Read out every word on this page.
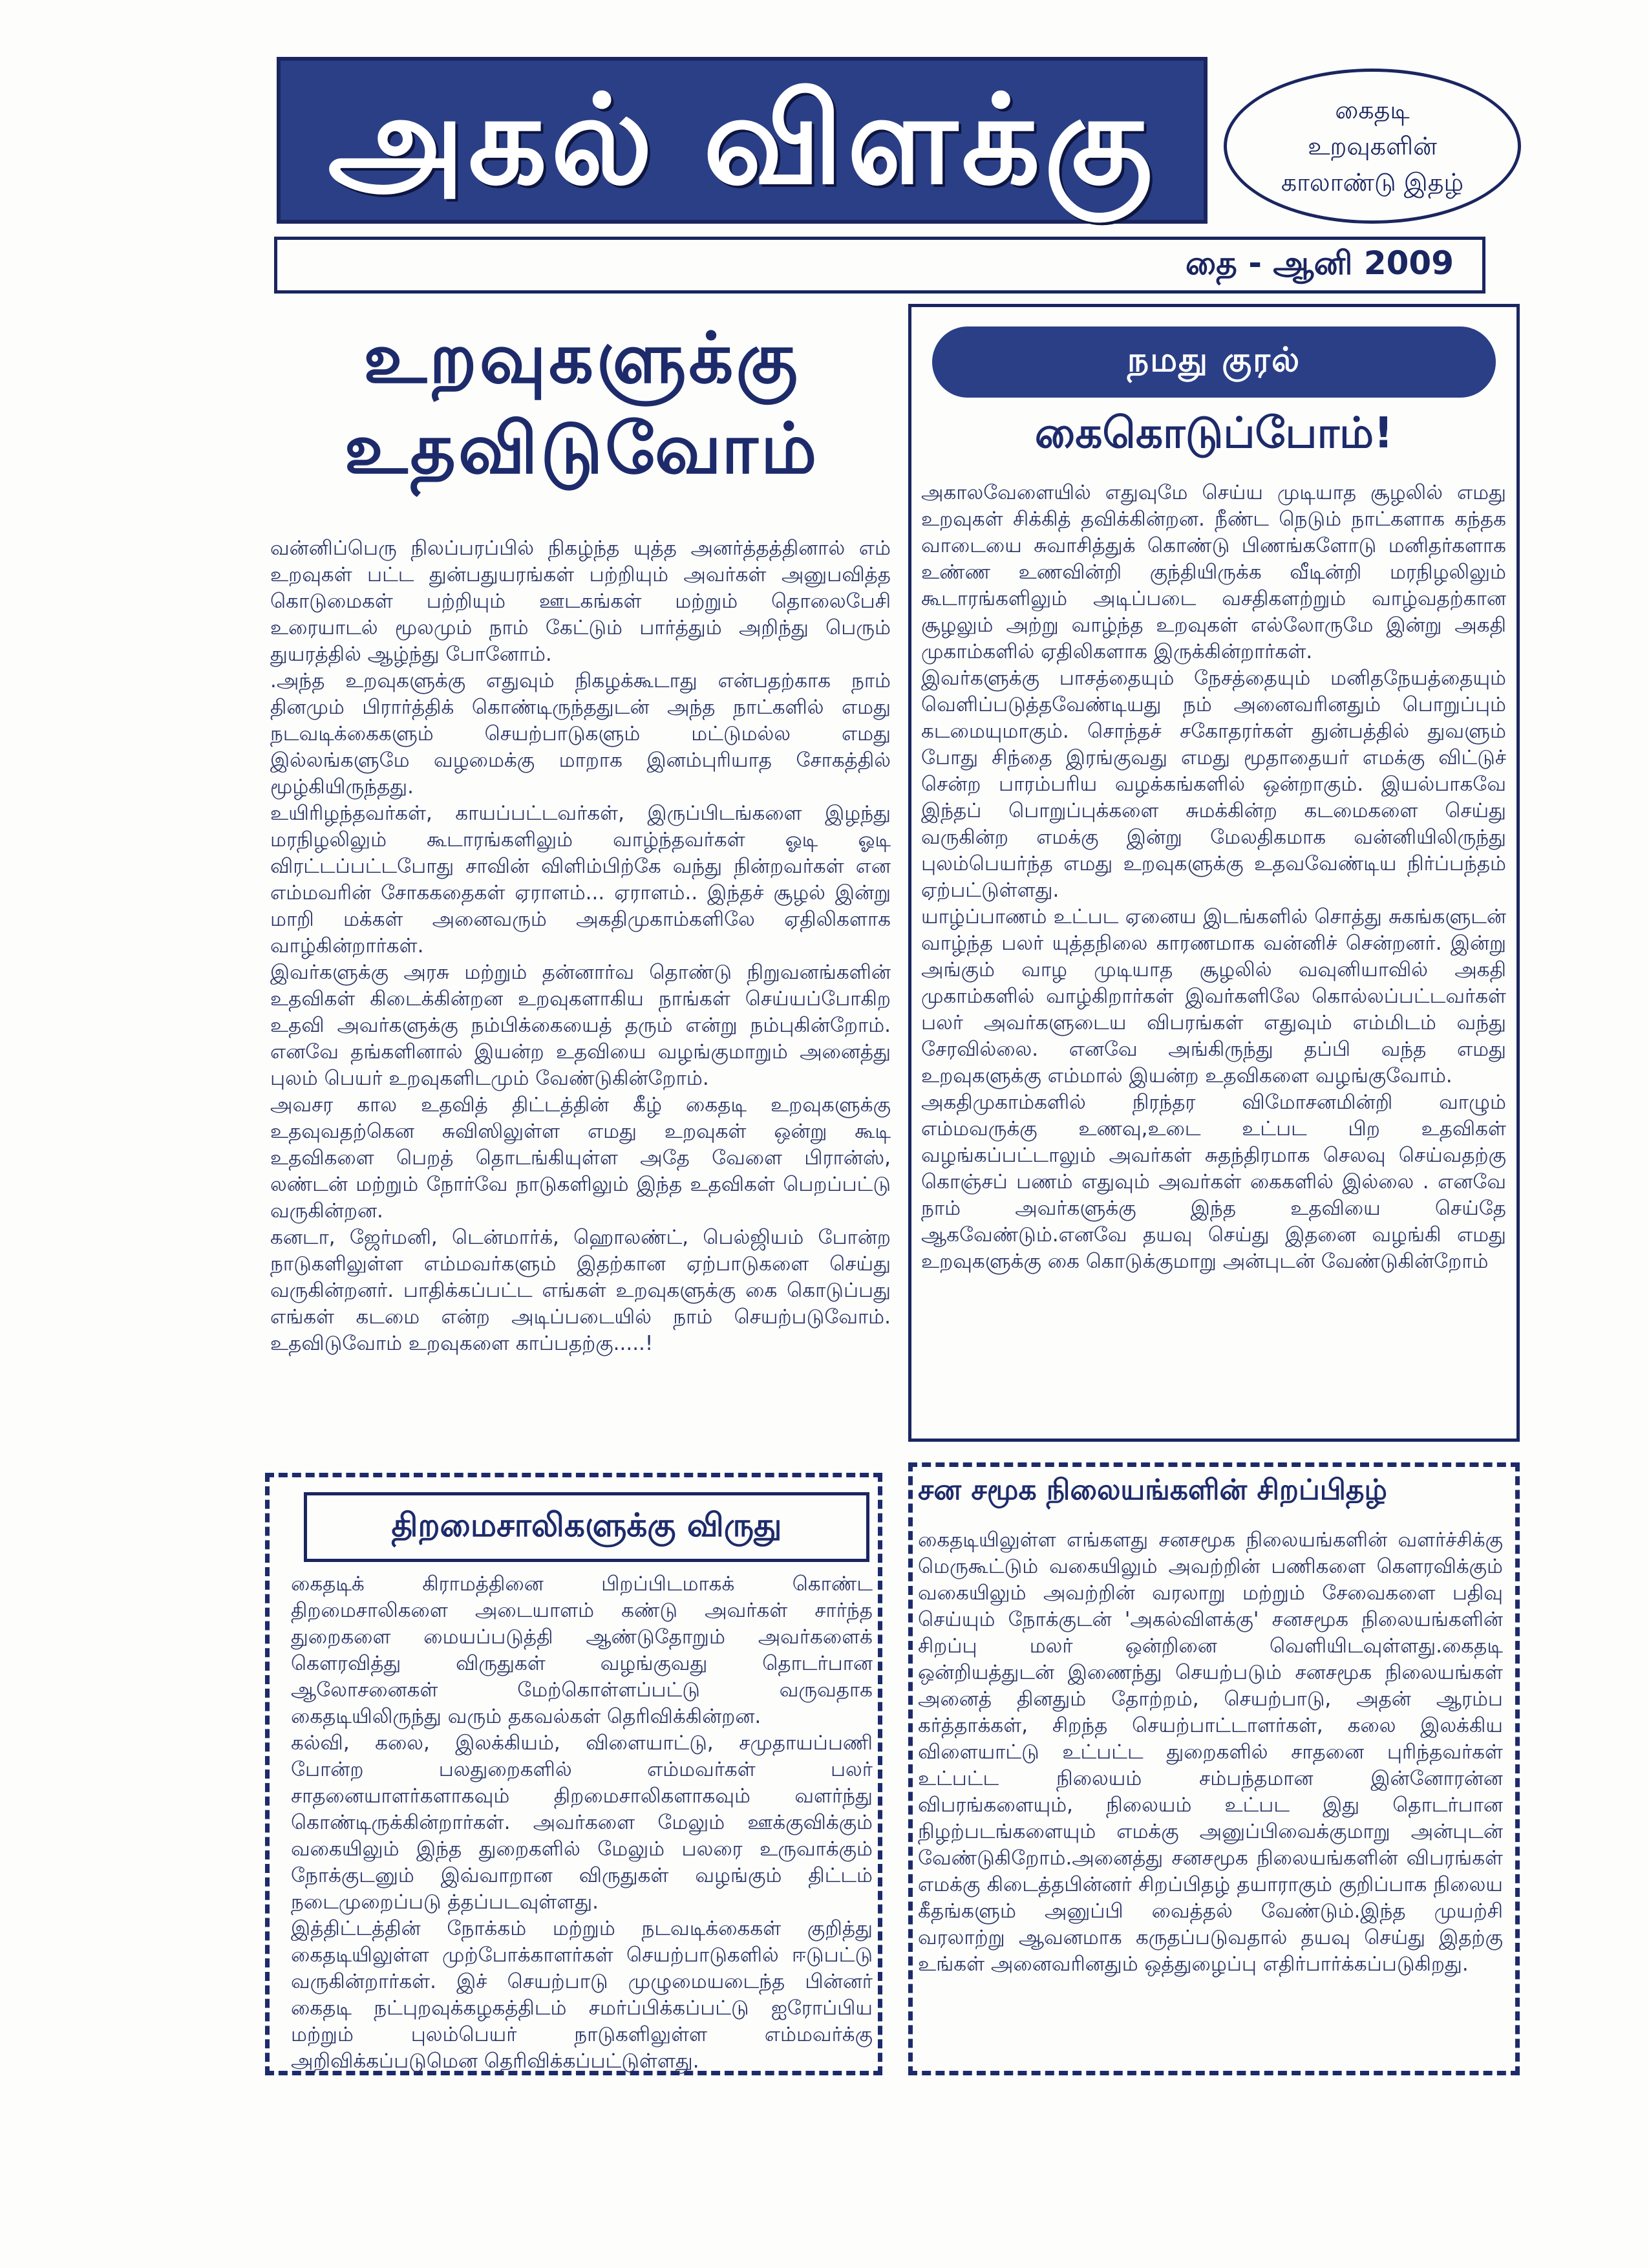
அகல் விளக்கு	கைதடி
உறவுகளின்
காலாண்டு இதழ்
தை - ஆனி 2009
உறவுகளுக்கு
உதவிடுவோம்

வன்னிப்பெரு நிலப்பரப்பில் நிகழ்ந்த யுத்த அனர்த்தத்தினால் எம் உறவுகள் பட்ட துன்பதுயரங்கள் பற்றியும் அவர்கள் அனுபவித்த கொடுமைகள் பற்றியும் ஊடகங்கள் மற்றும் தொலைபேசி உரையாடல் மூலமும் நாம் கேட்டும் பார்த்தும் அறிந்து பெரும் துயரத்தில் ஆழ்ந்து போனோம்.

.அந்த உறவுகளுக்கு எதுவும் நிகழக்கூடாது என்பதற்காக நாம் தினமும் பிரார்த்திக் கொண்டிருந்ததுடன் அந்த நாட்களில் எமது நடவடிக்கைகளும் செயற்பாடுகளும் மட்டுமல்ல எமது இல்லங்களுமே வழமைக்கு மாறாக இனம்புரியாத சோகத்தில் மூழ்கியிருந்தது.

உயிரிழந்தவர்கள், காயப்பட்டவர்கள், இருப்பிடங்களை இழந்து மரநிழலிலும் கூடாரங்களிலும் வாழ்ந்தவர்கள் ஓடி ஓடி விரட்டப்பட்டபோது சாவின் விளிம்பிற்கே வந்து நின்றவர்கள் என எம்மவரின் சோககதைகள் ஏராளம்... ஏராளம்.. இந்தச் சூழல் இன்று மாறி மக்கள் அனைவரும் அகதிமுகாம்களிலே ஏதிலிகளாக வாழ்கின்றார்கள்.

இவர்களுக்கு அரசு மற்றும் தன்னார்வ தொண்டு நிறுவனங்களின் உதவிகள் கிடைக்கின்றன உறவுகளாகிய நாங்கள் செய்யப்போகிற உதவி அவர்களுக்கு நம்பிக்கையைத் தரும் என்று நம்புகின்றோம். எனவே தங்களினால் இயன்ற உதவியை வழங்குமாறும் அனைத்து புலம் பெயர் உறவுகளிடமும் வேண்டுகின்றோம்.

அவசர கால உதவித் திட்டத்தின் கீழ் கைதடி உறவுகளுக்கு உதவுவதற்கென சுவிஸிலுள்ள எமது உறவுகள் ஒன்று கூடி உதவிகளை பெறத் தொடங்கியுள்ள அதே வேளை பிரான்ஸ், லண்டன் மற்றும் நோர்வே நாடுகளிலும் இந்த உதவிகள் பெறப்பட்டு வருகின்றன.

கனடா, ஜேர்மனி, டென்மார்க், ஹொலண்ட், பெல்ஜியம் போன்ற நாடுகளிலுள்ள எம்மவர்களும் இதற்கான ஏற்பாடுகளை செய்து வருகின்றனர். பாதிக்கப்பட்ட எங்கள் உறவுகளுக்கு கை கொடுப்பது எங்கள் கடமை என்ற அடிப்படையில் நாம் செயற்படுவோம். உதவிடுவோம் உறவுகளை காப்பதற்கு.....!

நமது குரல்
கைகொடுப்போம்!

அகாலவேளையில் எதுவுமே செய்ய முடியாத சூழலில் எமது உறவுகள் சிக்கித் தவிக்கின்றன. நீண்ட நெடும் நாட்களாக கந்தக வாடையை சுவாசித்துக் கொண்டு பிணங்களோடு மனிதர்களாக உண்ண உணவின்றி குந்தியிருக்க வீடின்றி மரநிழலிலும் கூடாரங்களிலும் அடிப்படை வசதிகளற்றும் வாழ்வதற்கான சூழலும் அற்று வாழ்ந்த உறவுகள் எல்லோருமே இன்று அகதி முகாம்களில் ஏதிலிகளாக இருக்கின்றார்கள்.

இவர்களுக்கு பாசத்தையும் நேசத்தையும் மனிதநேயத்தையும் வெளிப்படுத்தவேண்டியது நம் அனைவரினதும் பொறுப்பும் கடமையுமாகும். சொந்தச் சகோதரர்கள் துன்பத்தில் துவளும் போது சிந்தை இரங்குவது எமது மூதாதையர் எமக்கு விட்டுச் சென்ற பாரம்பரிய வழக்கங்களில் ஒன்றாகும். இயல்பாகவே இந்தப் பொறுப்புக்களை சுமக்கின்ற கடமைகளை செய்து வருகின்ற எமக்கு இன்று மேலதிகமாக வன்னியிலிருந்து புலம்பெயர்ந்த எமது உறவுகளுக்கு உதவவேண்டிய நிர்ப்பந்தம் ஏற்பட்டுள்ளது.

யாழ்ப்பாணம் உட்பட ஏனைய இடங்களில் சொத்து சுகங்களுடன் வாழ்ந்த பலர் யுத்தநிலை காரணமாக வன்னிச் சென்றனர். இன்று அங்கும் வாழ முடியாத சூழலில் வவுனியாவில் அகதி முகாம்களில் வாழ்கிறார்கள் இவர்களிலே கொல்லப்பட்டவர்கள் பலர் அவர்களுடைய விபரங்கள் எதுவும் எம்மிடம் வந்து சேரவில்லை. எனவே அங்கிருந்து தப்பி வந்த எமது உறவுகளுக்கு எம்மால் இயன்ற உதவிகளை வழங்குவோம்.

அகதிமுகாம்களில் நிரந்தர விமோசனமின்றி வாழும் எம்மவருக்கு உணவு,உடை உட்பட பிற உதவிகள் வழங்கப்பட்டாலும் அவர்கள் சுதந்திரமாக செலவு செய்வதற்கு கொஞ்சப் பணம் எதுவும் அவர்கள் கைகளில் இல்லை . எனவே நாம் அவர்களுக்கு இந்த உதவியை செய்தே ஆகவேண்டும்.எனவே தயவு செய்து இதனை வழங்கி எமது உறவுகளுக்கு கை கொடுக்குமாறு அன்புடன் வேண்டுகின்றோம்

திறமைசாலிகளுக்கு விருது

கைதடிக் கிராமத்தினை பிறப்பிடமாகக் கொண்ட திறமைசாலிகளை அடையாளம் கண்டு அவர்கள் சார்ந்த துறைகளை மையப்படுத்தி ஆண்டுதோறும் அவர்களைக் கௌரவித்து விருதுகள் வழங்குவது தொடர்பான ஆலோசனைகள் மேற்கொள்ளப்பட்டு வருவதாக கைதடியிலிருந்து வரும் தகவல்கள் தெரிவிக்கின்றன.

கல்வி, கலை, இலக்கியம், விளையாட்டு, சமுதாயப்பணி போன்ற பலதுறைகளில் எம்மவர்கள் பலர் சாதனையாளர்களாகவும் திறமைசாலிகளாகவும் வளர்ந்து கொண்டிருக்கின்றார்கள். அவர்களை மேலும் ஊக்குவிக்கும் வகையிலும் இந்த துறைகளில் மேலும் பலரை உருவாக்கும் நோக்குடனும் இவ்வாறான விருதுகள் வழங்கும் திட்டம் நடைமுறைப்படு த்தப்படவுள்ளது.

இத்திட்டத்தின் நோக்கம் மற்றும் நடவடிக்கைகள் குறித்து கைதடியிலுள்ள முற்போக்காளர்கள் செயற்பாடுகளில் ஈடுபட்டு வருகின்றார்கள். இச் செயற்பாடு முழுமையடைந்த பின்னர் கைதடி நட்புறவுக்கழகத்திடம் சமர்ப்பிக்கப்பட்டு ஐரோப்பிய மற்றும் புலம்பெயர் நாடுகளிலுள்ள எம்மவர்க்கு அறிவிக்கப்படுமென தெரிவிக்கப்பட்டுள்ளது.

சன சமூக நிலையங்களின் சிறப்பிதழ்

கைதடியிலுள்ள எங்களது சனசமூக நிலையங்களின் வளர்ச்சிக்கு மெருகூட்டும் வகையிலும் அவற்றின் பணிகளை கௌரவிக்கும் வகையிலும் அவற்றின் வரலாறு மற்றும் சேவைகளை பதிவு செய்யும் நோக்குடன் 'அகல்விளக்கு' சனசமூக நிலையங்களின் சிறப்பு மலர் ஒன்றினை வெளியிடவுள்ளது.கைதடி ஒன்றியத்துடன் இணைந்து செயற்படும் சனசமூக நிலையங்கள் அனைத் தினதும் தோற்றம், செயற்பாடு, அதன் ஆரம்ப கர்த்தாக்கள், சிறந்த செயற்பாட்டாளர்கள், கலை இலக்கிய விளையாட்டு உட்பட்ட துறைகளில் சாதனை புரிந்தவர்கள் உட்பட்ட நிலையம் சம்பந்தமான இன்னோரன்ன விபரங்களையும், நிலையம் உட்பட இது தொடர்பான நிழற்படங்களையும் எமக்கு அனுப்பிவைக்குமாறு அன்புடன் வேண்டுகிறோம்.அனைத்து சனசமூக நிலையங்களின் விபரங்கள் எமக்கு கிடைத்தபின்னர் சிறப்பிதழ் தயாராகும் குறிப்பாக நிலைய கீதங்களும் அனுப்பி வைத்தல் வேண்டும்.இந்த முயற்சி வரலாற்று ஆவனமாக கருதப்படுவதால் தயவு செய்து இதற்கு உங்கள் அனைவரினதும் ஒத்துழைப்பு எதிர்பார்க்கப்படுகிறது.
